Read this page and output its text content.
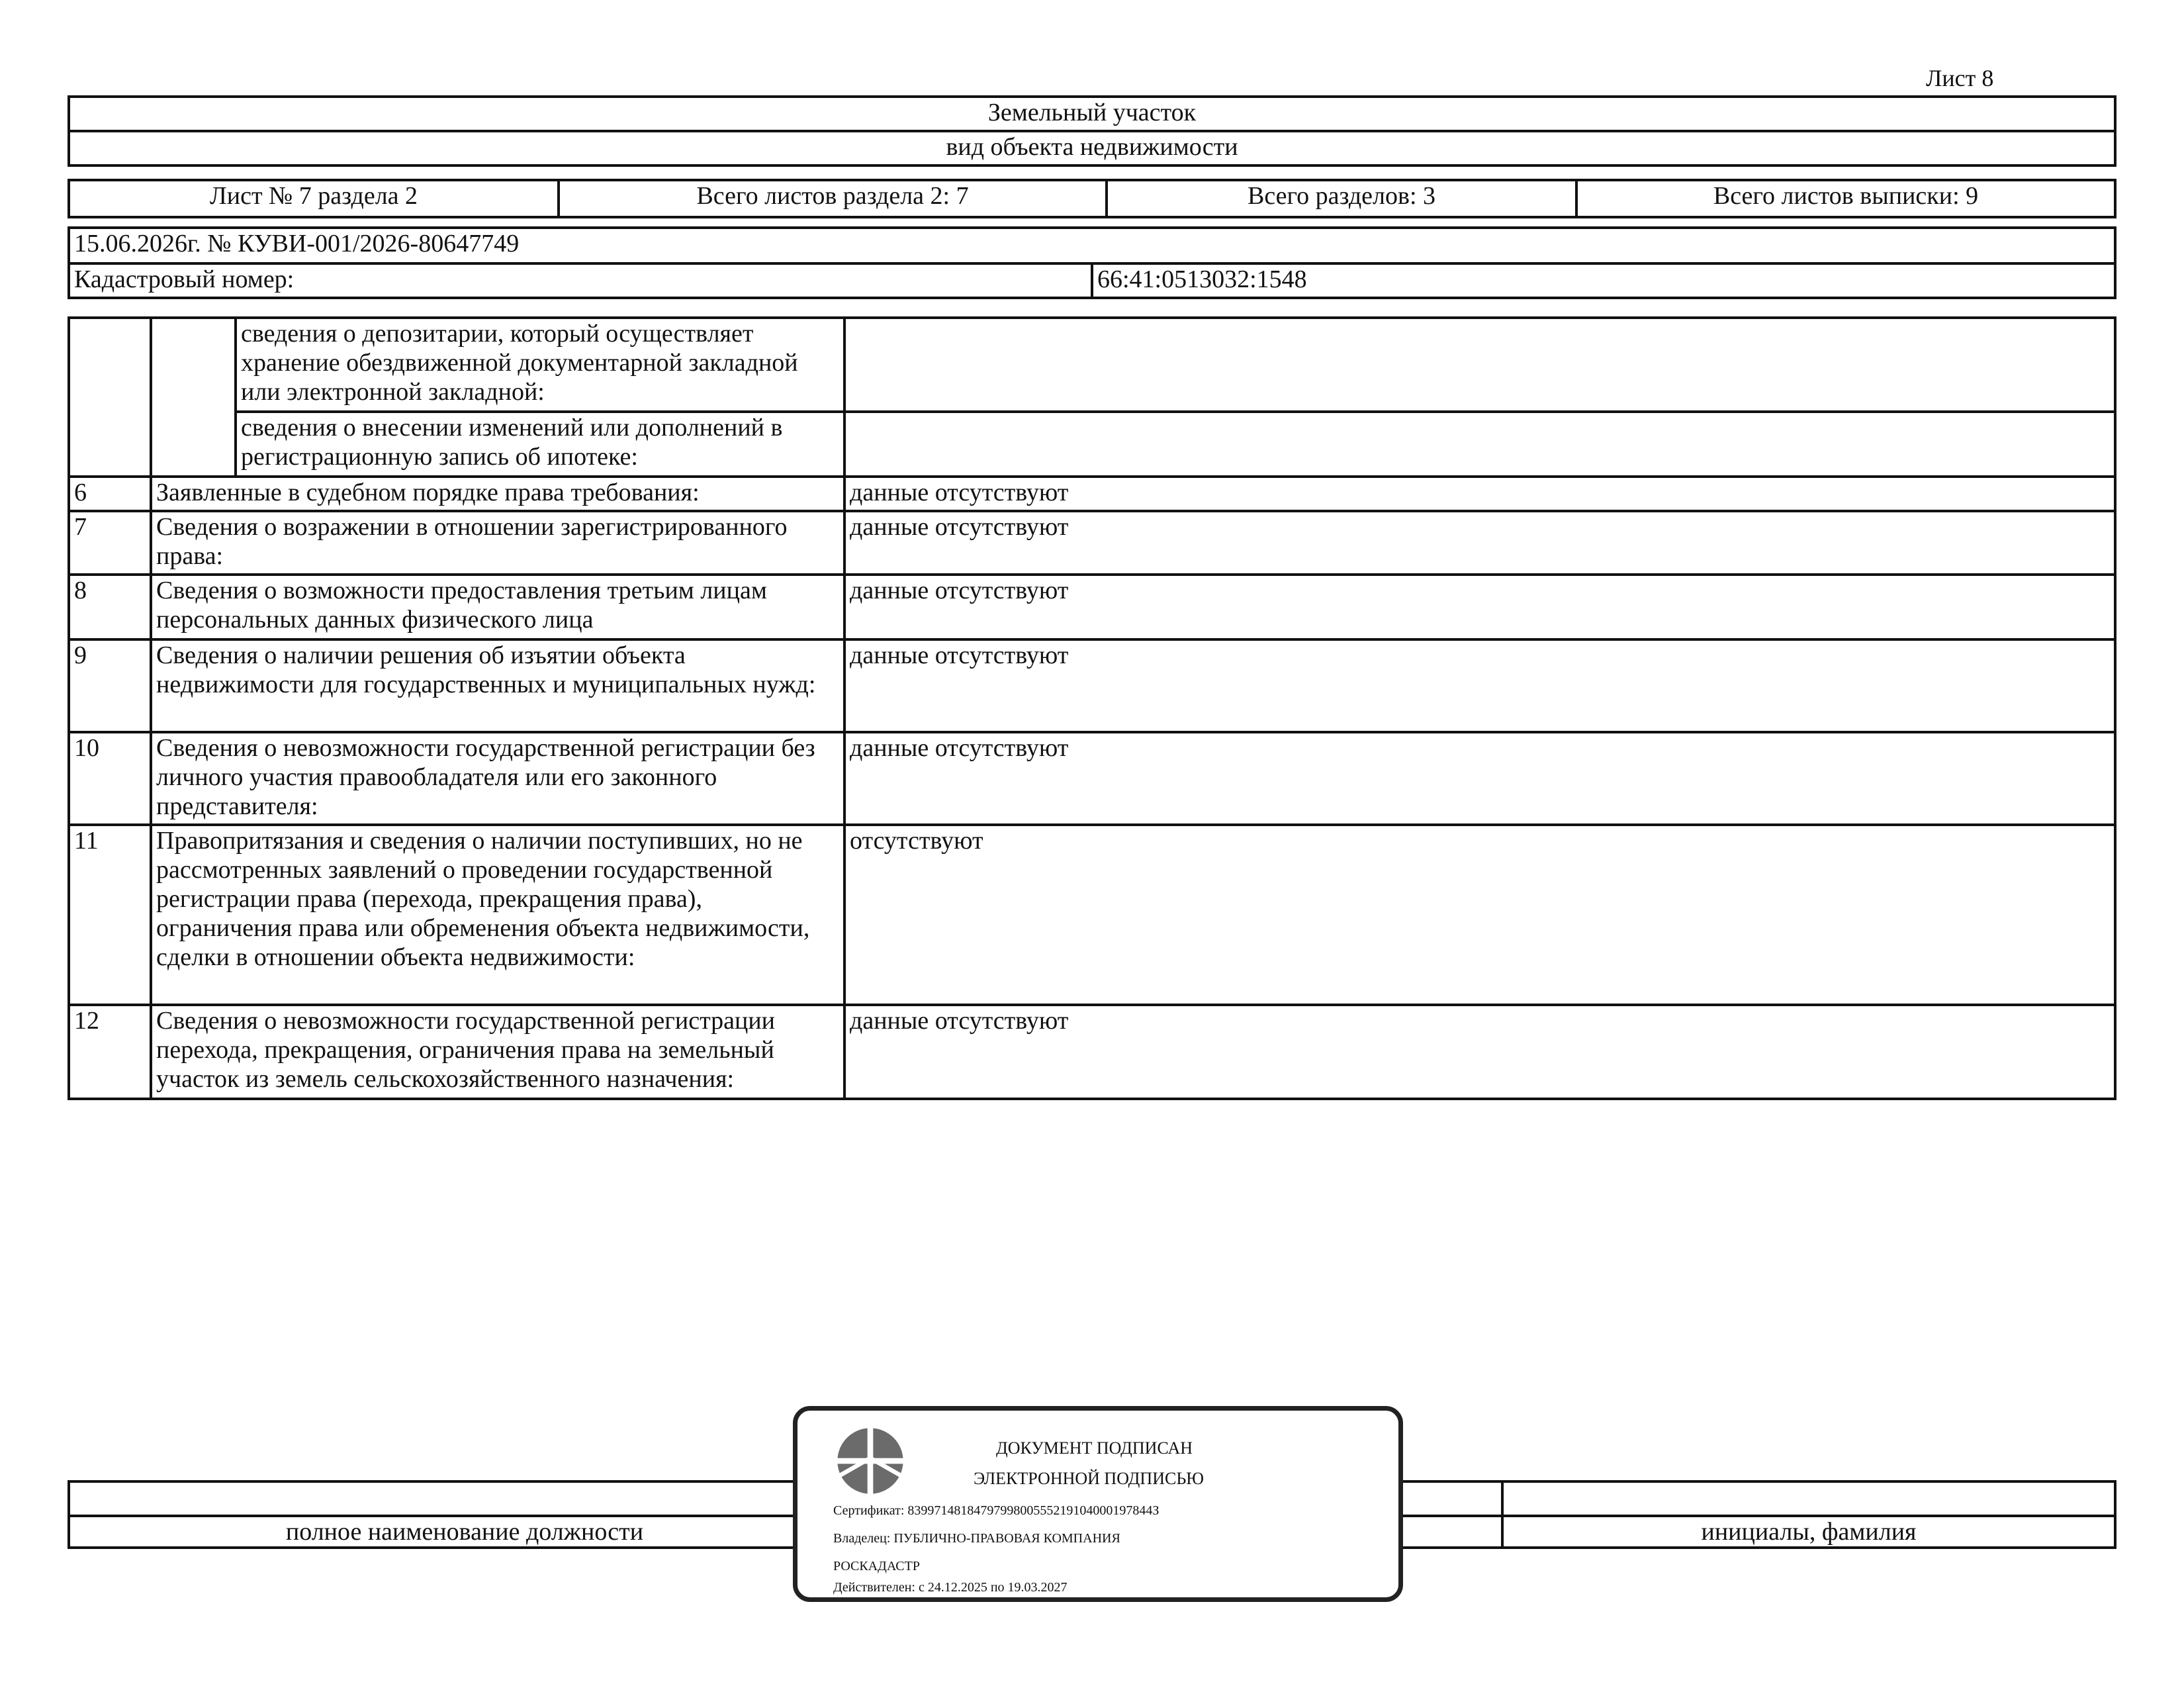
Лист 8
Земельный участок
вид объекта недвижимости
Лист № 7 раздела 2	Всего листов раздела 2: 7	Всего разделов: 3	Всего листов выписки: 9
15.06.2026г. № КУВИ-001/2026-80647749
Кадастровый номер:	66:41:0513032:1548
		сведения о депозитарии, который осуществляет хранение обездвиженной документарной закладной или электронной закладной:	
		сведения о внесении изменений или дополнений в регистрационную запись об ипотеке:	
6	Заявленные в судебном порядке права требования:		данные отсутствуют
7	Сведения о возражении в отношении зарегистрированного права:		данные отсутствуют
8	Сведения о возможности предоставления третьим лицам персональных данных физического лица		данные отсутствуют
9	Сведения о наличии решения об изъятии объекта недвижимости для государственных и муниципальных нужд:		данные отсутствуют
10	Сведения о невозможности государственной регистрации без личного участия правообладателя или его законного представителя:		данные отсутствуют
11	Правопритязания и сведения о наличии поступивших, но не рассмотренных заявлений о проведении государственной регистрации права (перехода, прекращения права), ограничения права или обременения объекта недвижимости, сделки в отношении объекта недвижимости:		отсутствуют
12	Сведения о невозможности государственной регистрации перехода, прекращения, ограничения права на земельный участок из земель сельскохозяйственного назначения:		данные отсутствуют

полное наименование должности		инициалы, фамилия
ДОКУМЕНТ ПОДПИСАН
ЭЛЕКТРОННОЙ ПОДПИСЬЮ
Сертификат: 8399714818479799800555219104000197844З
Владелец: ПУБЛИЧНО-ПРАВОВАЯ КОМПАНИЯ
РОСКАДАСТР
Действителен: с 24.12.2025 по 19.03.2027
